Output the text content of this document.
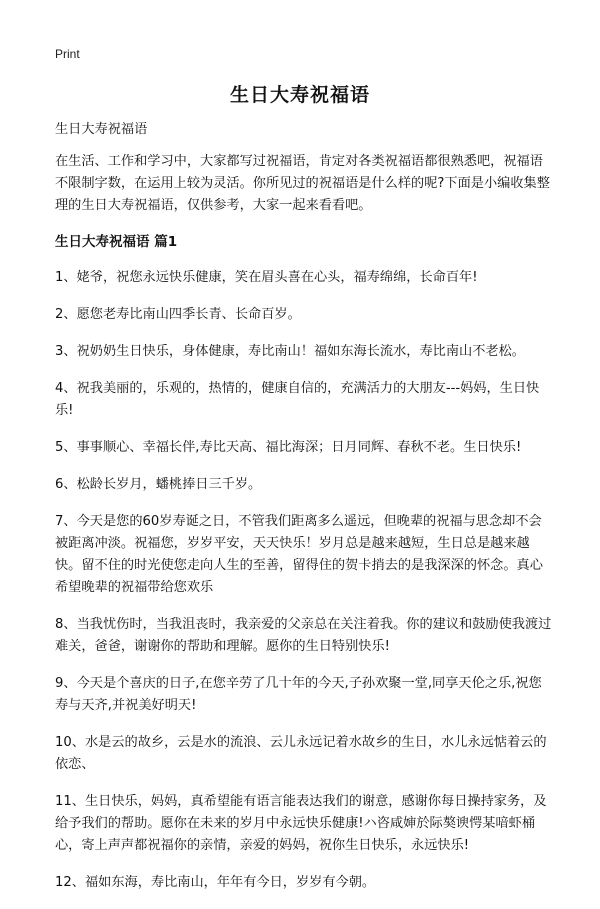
Print
生日大寿祝福语

生日大寿祝福语

在生活、工作和学习中，大家都写过祝福语，肯定对各类祝福语都很熟悉吧，祝福语不限制字数，在运用上较为灵活。你所见过的祝福语是什么样的呢?下面是小编收集整理的生日大寿祝福语，仅供参考，大家一起来看看吧。

生日大寿祝福语 篇1

1、姥爷，祝您永远快乐健康，笑在眉头喜在心头，福寿绵绵，长命百年!

2、愿您老寿比南山四季长青、长命百岁。

3、祝奶奶生日快乐，身体健康，寿比南山！福如东海长流水，寿比南山不老松。

4、祝我美丽的，乐观的，热情的，健康自信的，充满活力的大朋友---妈妈，生日快乐!

5、事事顺心、幸福长伴,寿比天高、福比海深；日月同辉、春秋不老。生日快乐!

6、松龄长岁月，蟠桃捧日三千岁。

7、今天是您的60岁寿诞之日，不管我们距离多么遥远，但晚辈的祝福与思念却不会被距离冲淡。祝福您，岁岁平安，天天快乐！岁月总是越来越短，生日总是越来越快。留不住的时光使您走向人生的至善，留得住的贺卡捎去的是我深深的怀念。真心希望晚辈的祝福带给您欢乐

8、当我忧伤时，当我沮丧时，我亲爱的父亲总在关注着我。你的建议和鼓励使我渡过难关，爸爸，谢谢你的帮助和理解。愿你的生日特别快乐!

9、今天是个喜庆的日子,在您辛劳了几十年的今天,子孙欢聚一堂,同享天伦之乐,祝您寿与天齐,并祝美好明天!

10、水是云的故乡，云是水的流浪、云儿永远记着水故乡的生日，水儿永远惦着云的依恋、

11、生日快乐，妈妈，真希望能有语言能表达我们的谢意，感谢你每日操持家务，及给予我们的帮助。愿你在未来的岁月中永远快乐健康!ハ咨咸婶於际獒谀愕某喑虾桶心，寄上声声都祝福你的亲情，亲爱的妈妈，祝你生日快乐，永远快乐!

12、福如东海，寿比南山，年年有今日，岁岁有今朝。
